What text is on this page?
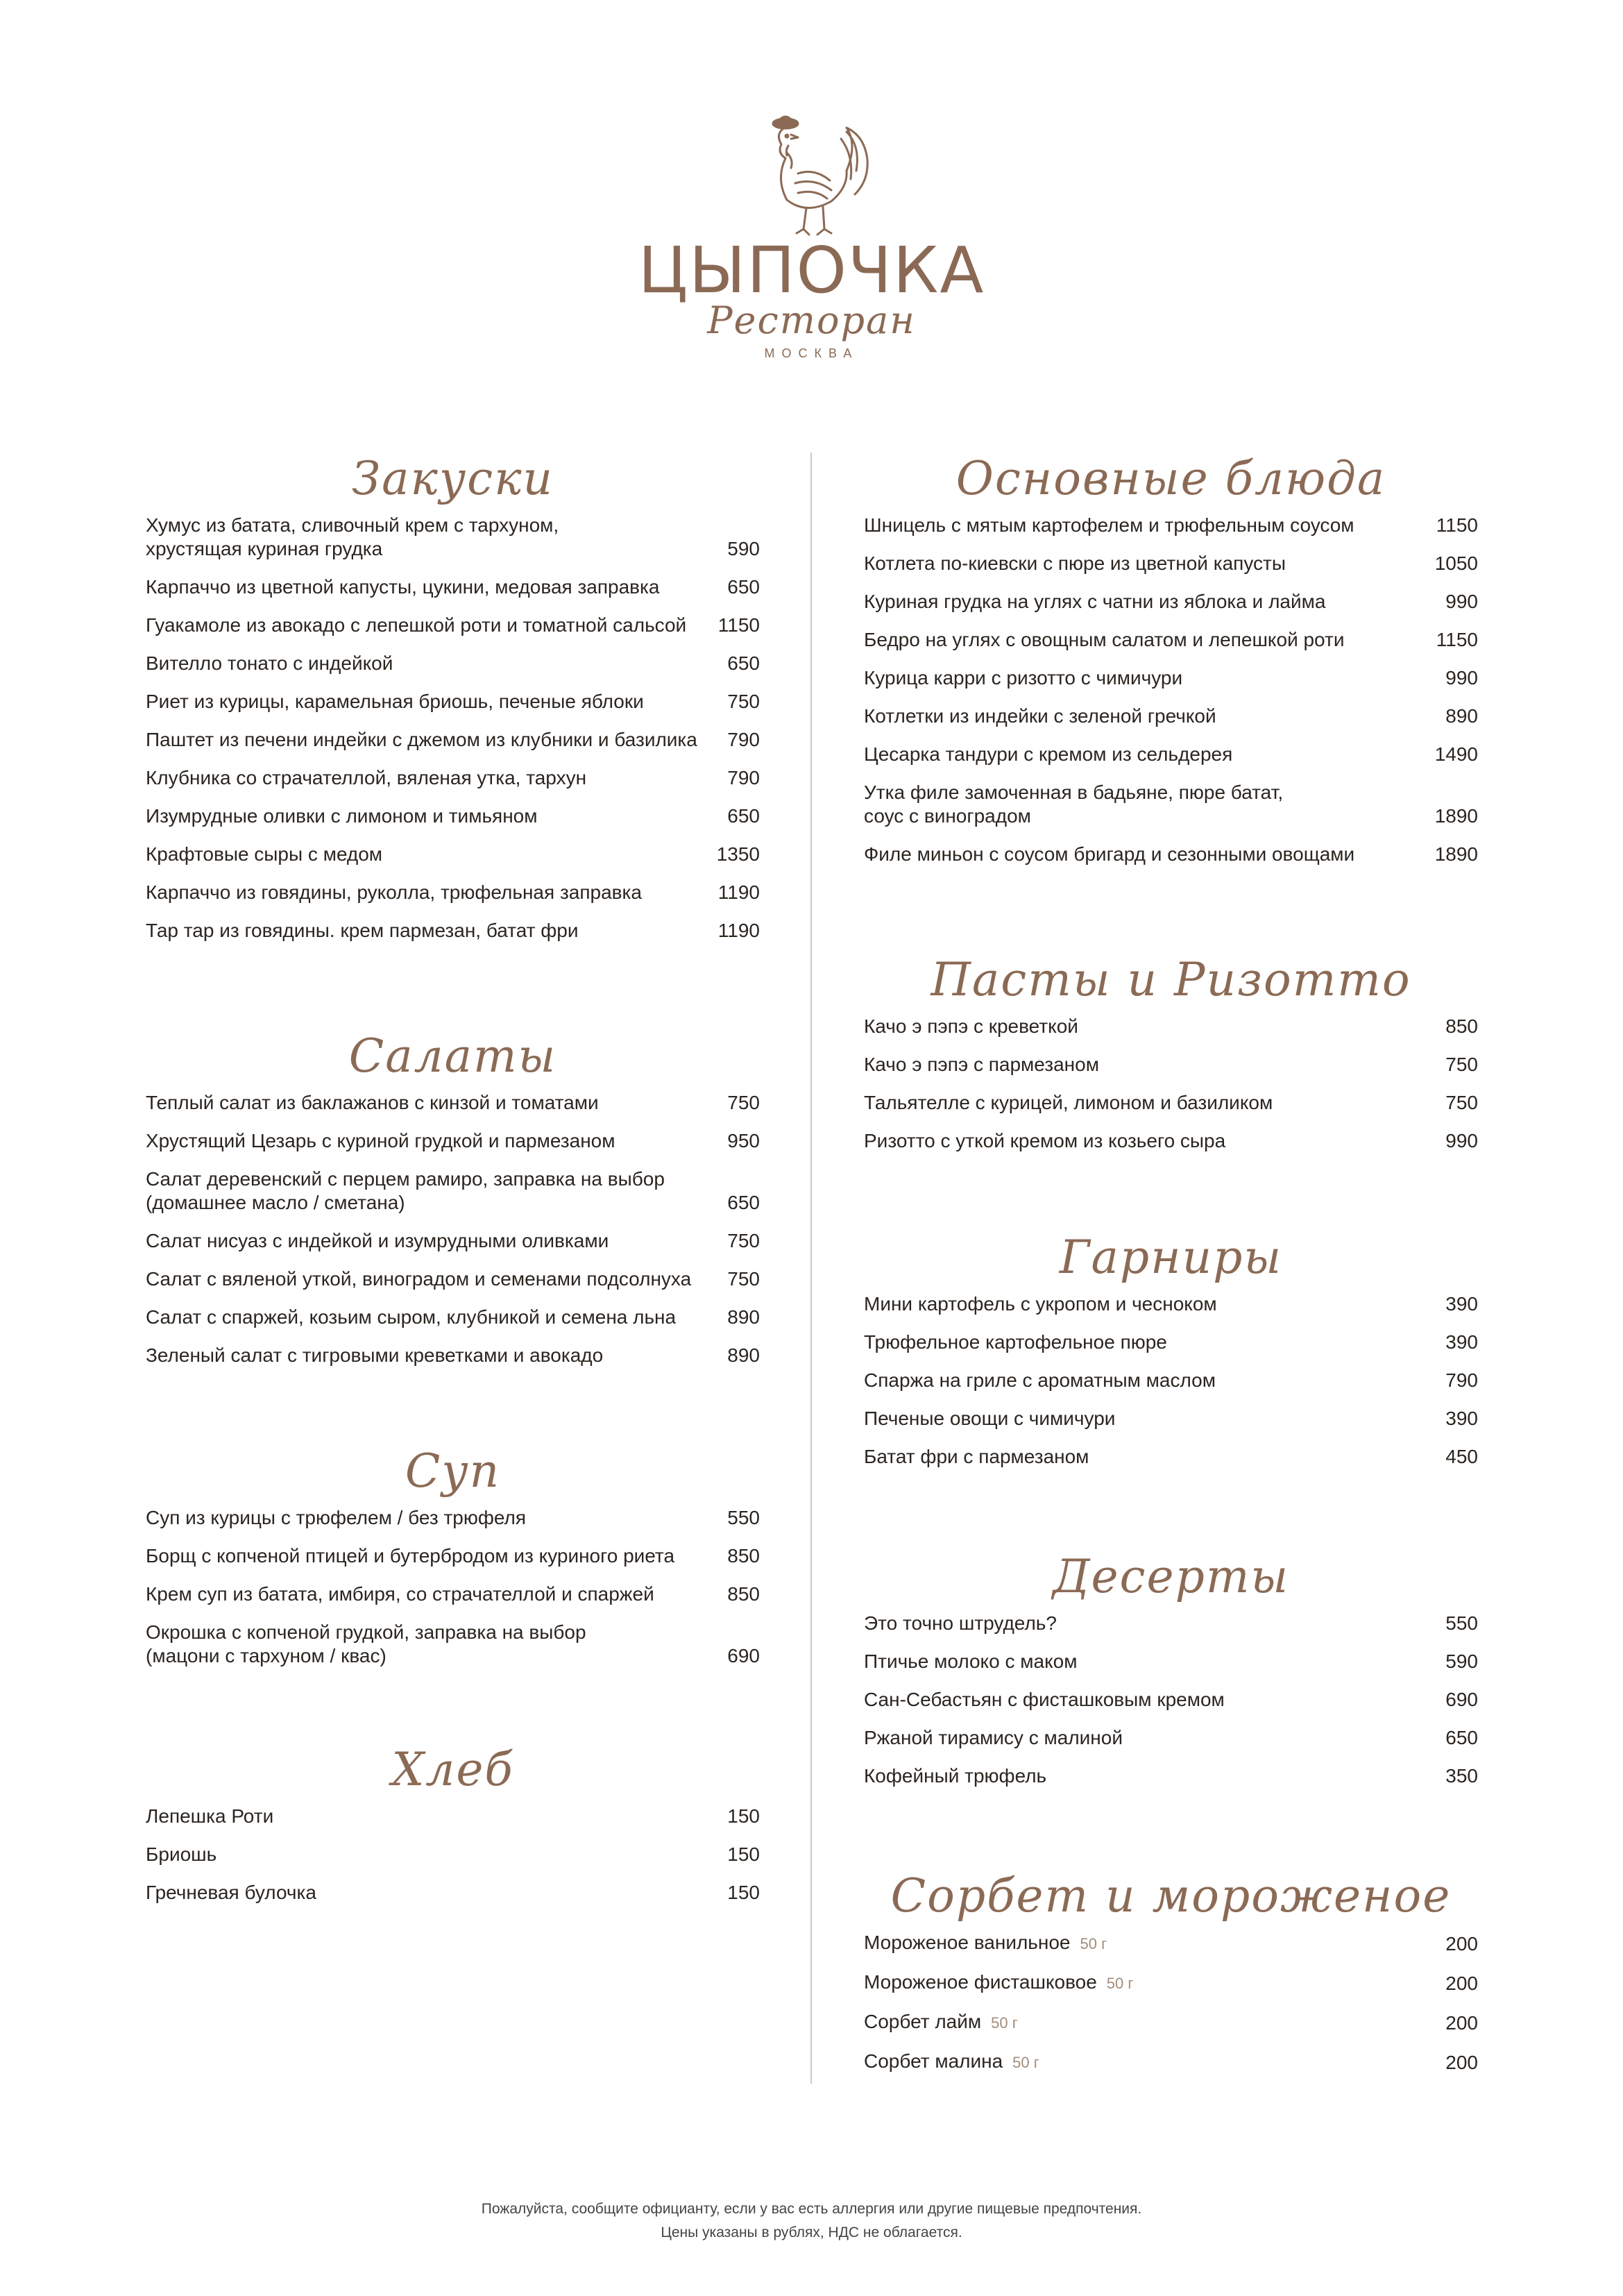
ЦЫПОЧКА
Ресторан
МОСКВА
Закуски
Хумус из батата, сливочный крем с тархуном,
хрустящая куриная грудка	590
Карпаччо из цветной капусты, цукини, медовая заправка	650
Гуакамоле из авокадо с лепешкой роти и томатной сальсой	1150
Вителло тонато с индейкой	650
Риет из курицы, карамельная бриошь, печеные яблоки	750
Паштет из печени индейки с джемом из клубники и базилика	790
Клубника со страчателлой, вяленая утка, тархун	790
Изумрудные оливки с лимоном и тимьяном	650
Крафтовые сыры с медом	1350
Карпаччо из говядины, руколла, трюфельная заправка	1190
Тар тар из говядины. крем пармезан, батат фри	1190
Салаты
Теплый салат из баклажанов с кинзой и томатами	750
Хрустящий Цезарь с куриной грудкой и пармезаном	950
Салат деревенский с перцем рамиро, заправка на выбор
(домашнее масло / сметана)	650
Салат нисуаз с индейкой и изумрудными оливками	750
Салат с вяленой уткой, виноградом и семенами подсолнуха	750
Салат с спаржей, козьим сыром, клубникой и семена льна	890
Зеленый салат с тигровыми креветками и авокадо	890
Суп
Суп из курицы с трюфелем / без трюфеля	550
Борщ с копченой птицей и бутербродом из куриного риета	850
Крем суп из батата, имбиря, со страчателлой и спаржей	850
Окрошка с копченой грудкой, заправка на выбор
(мацони с тархуном / квас)	690
Хлеб
Лепешка Роти	150
Бриошь	150
Гречневая булочка	150
Основные блюда
Шницель с мятым картофелем и трюфельным соусом	1150
Котлета по-киевски с пюре из цветной капусты	1050
Куриная грудка на углях с чатни из яблока и лайма	990
Бедро на углях с овощным салатом и лепешкой роти	1150
Курица карри с ризотто с чимичури	990
Котлетки из индейки с зеленой гречкой	890
Цесарка тандури с кремом из сельдерея	1490
Утка филе замоченная в бадьяне, пюре батат,
соус с виноградом	1890
Филе миньон с соусом бригард и сезонными овощами	1890
Пасты и Ризотто
Качо э пэпэ с креветкой	850
Качо э пэпэ с пармезаном	750
Тальятелле с курицей, лимоном и базиликом	750
Ризотто с уткой кремом из козьего сыра	990
Гарниры
Мини картофель с укропом и чесноком	390
Трюфельное картофельное пюре	390
Спаржа на гриле с ароматным маслом	790
Печеные овощи с чимичури	390
Батат фри с пармезаном	450
Десерты
Это точно штрудель?	550
Птичье молоко с маком	590
Сан-Себастьян с фисташковым кремом	690
Ржаной тирамису с малиной	650
Кофейный трюфель	350
Сорбет и мороженое
Мороженое ванильное 50 г	200
Мороженое фисташковое 50 г	200
Сорбет лайм 50 г	200
Сорбет малина 50 г	200
Пожалуйста, сообщите официанту, если у вас есть аллергия или другие пищевые предпочтения.
Цены указаны в рублях, НДС не облагается.
